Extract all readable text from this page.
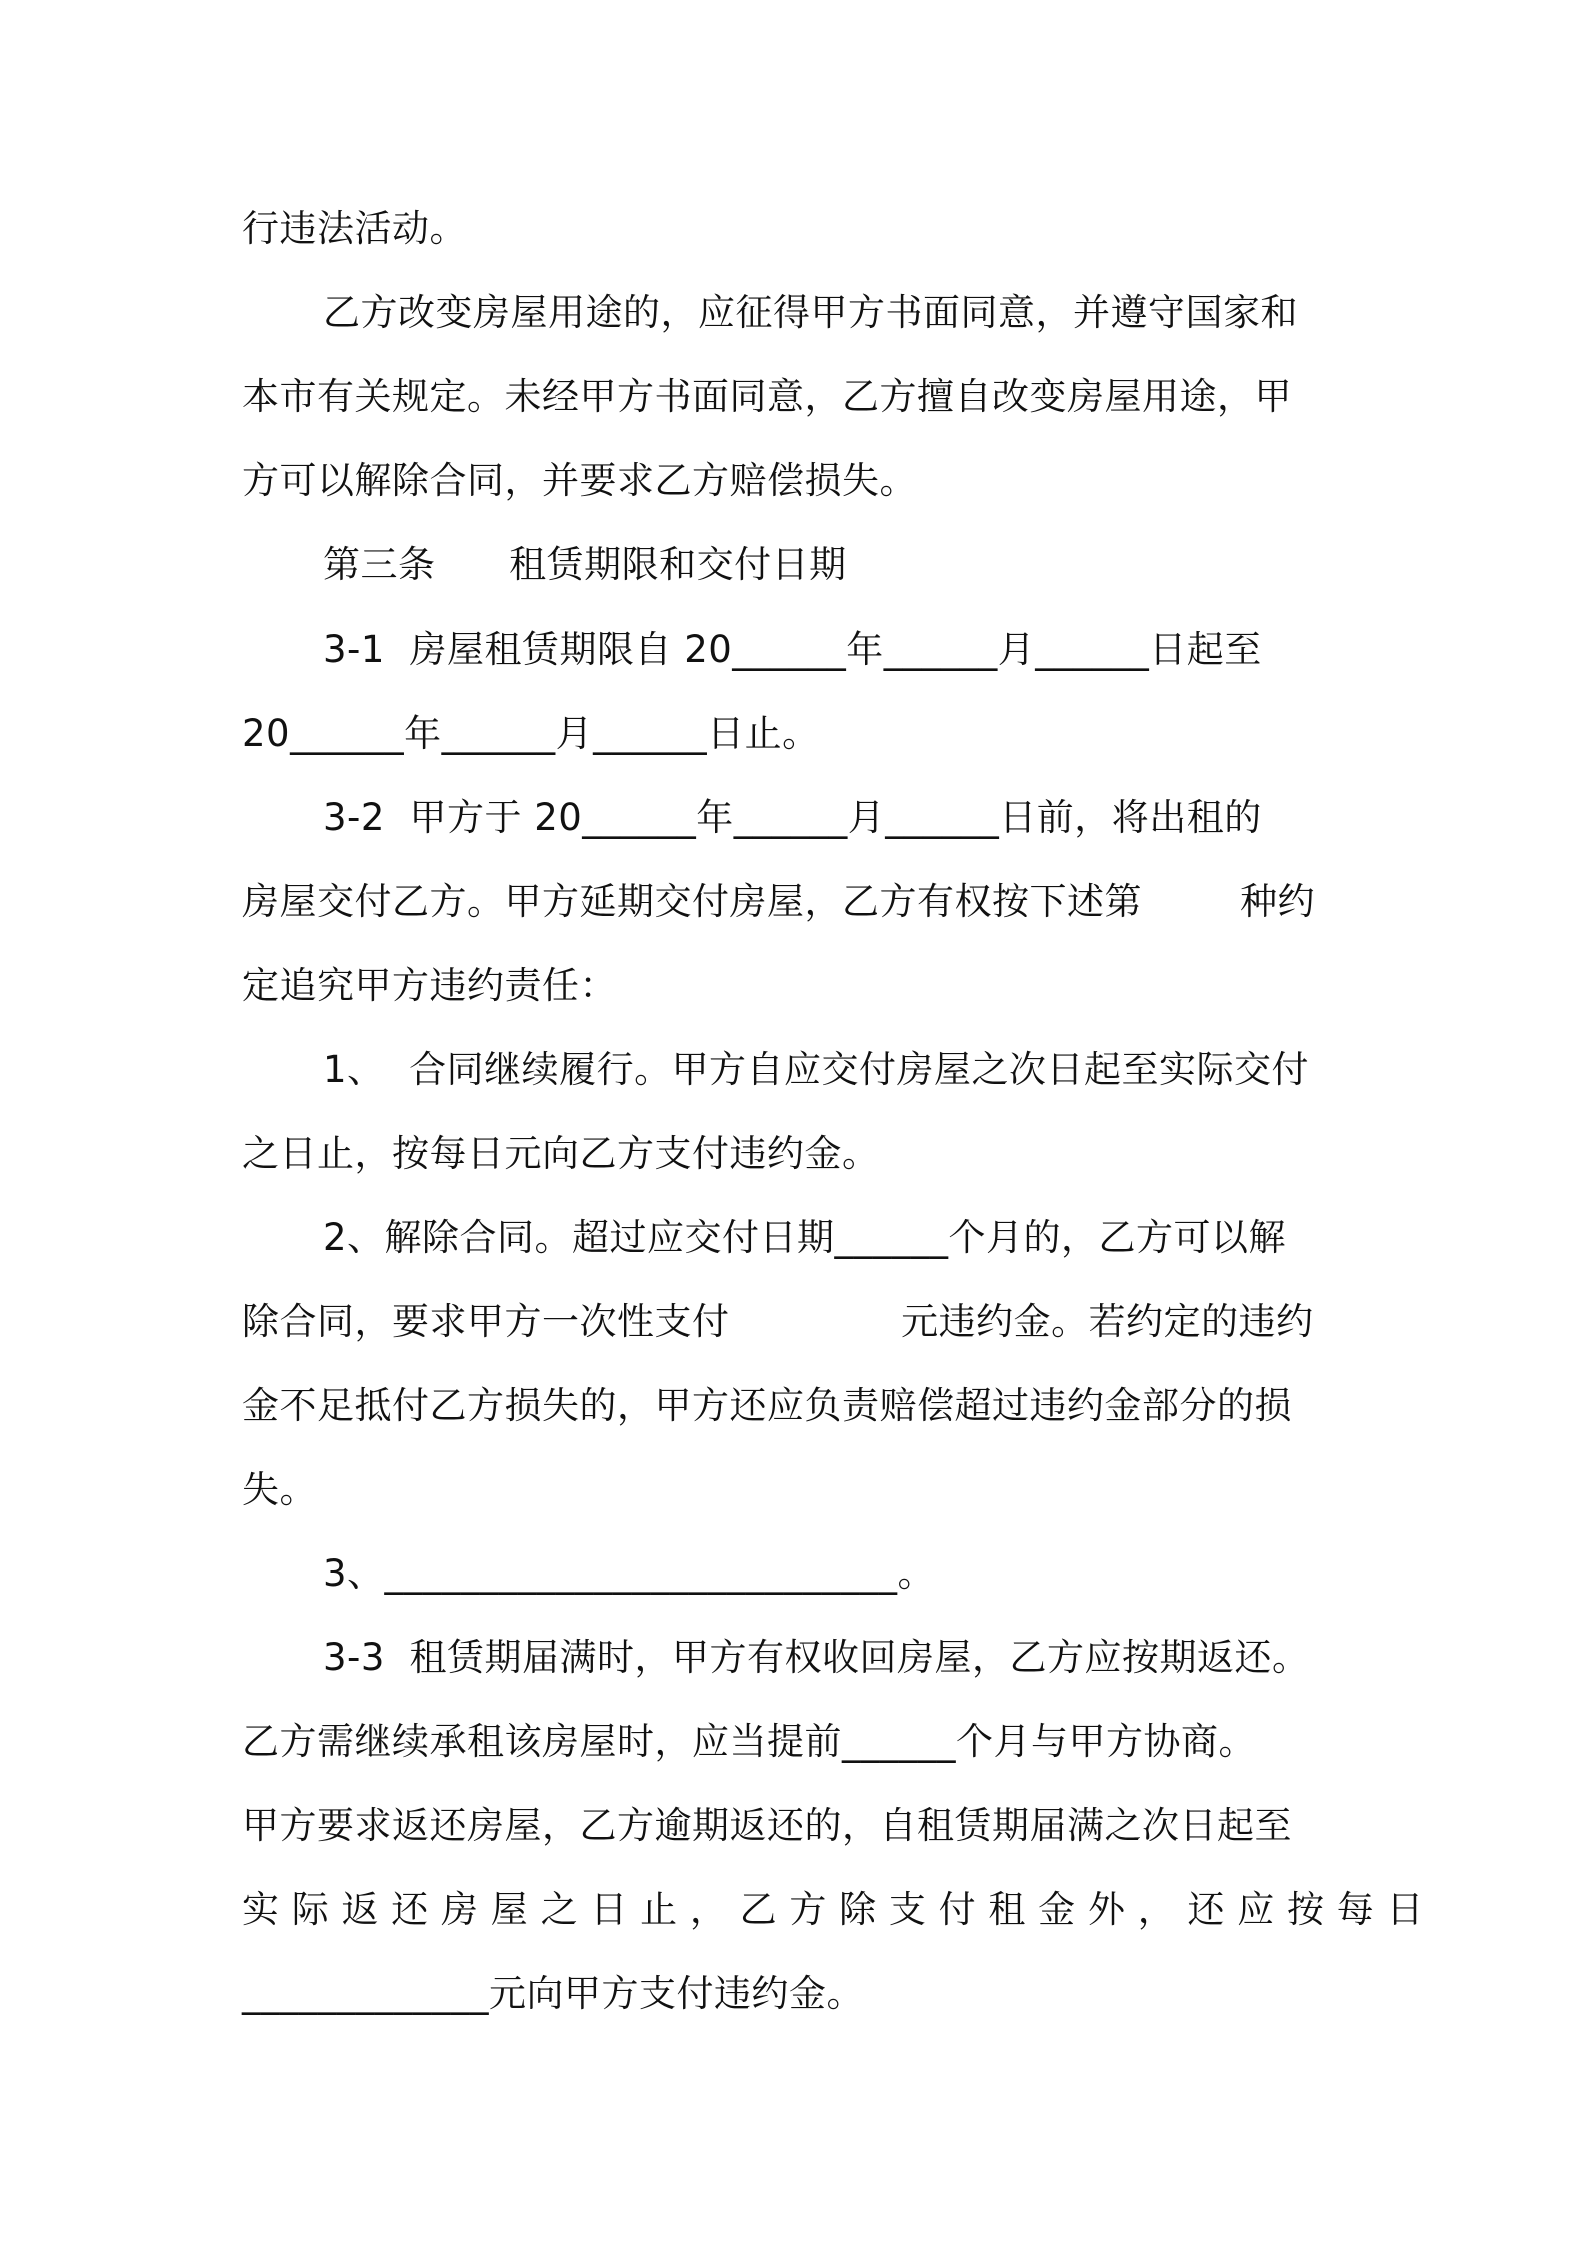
行违法活动。
乙方改变房屋用途的，应征得甲方书面同意，并遵守国家和
本市有关规定。未经甲方书面同意，乙方擅自改变房屋用途，甲
方可以解除合同，并要求乙方赔偿损失。
第三条      租赁期限和交付日期
3-1  房屋租赁期限自 20______年______月______日起至
20______年______月______日止。
3-2  甲方于 20______年______月______日前，将出租的
房屋交付乙方。甲方延期交付房屋，乙方有权按下述第        种约
定追究甲方违约责任：
1、  合同继续履行。甲方自应交付房屋之次日起至实际交付
之日止，按每日元向乙方支付违约金。
2、解除合同。超过应交付日期______个月的，乙方可以解
除合同，要求甲方一次性支付              元违约金。若约定的违约
金不足抵付乙方损失的，甲方还应负责赔偿超过违约金部分的损
失。
3、___________________________。
3-3  租赁期届满时，甲方有权收回房屋，乙方应按期返还。
乙方需继续承租该房屋时，应当提前______个月与甲方协商。
甲方要求返还房屋，乙方逾期返还的，自租赁期届满之次日起至
实 际 返 还 房 屋 之 日 止 ， 乙 方 除 支 付 租 金 外 ， 还 应 按 每 日
_____________元向甲方支付违约金。
